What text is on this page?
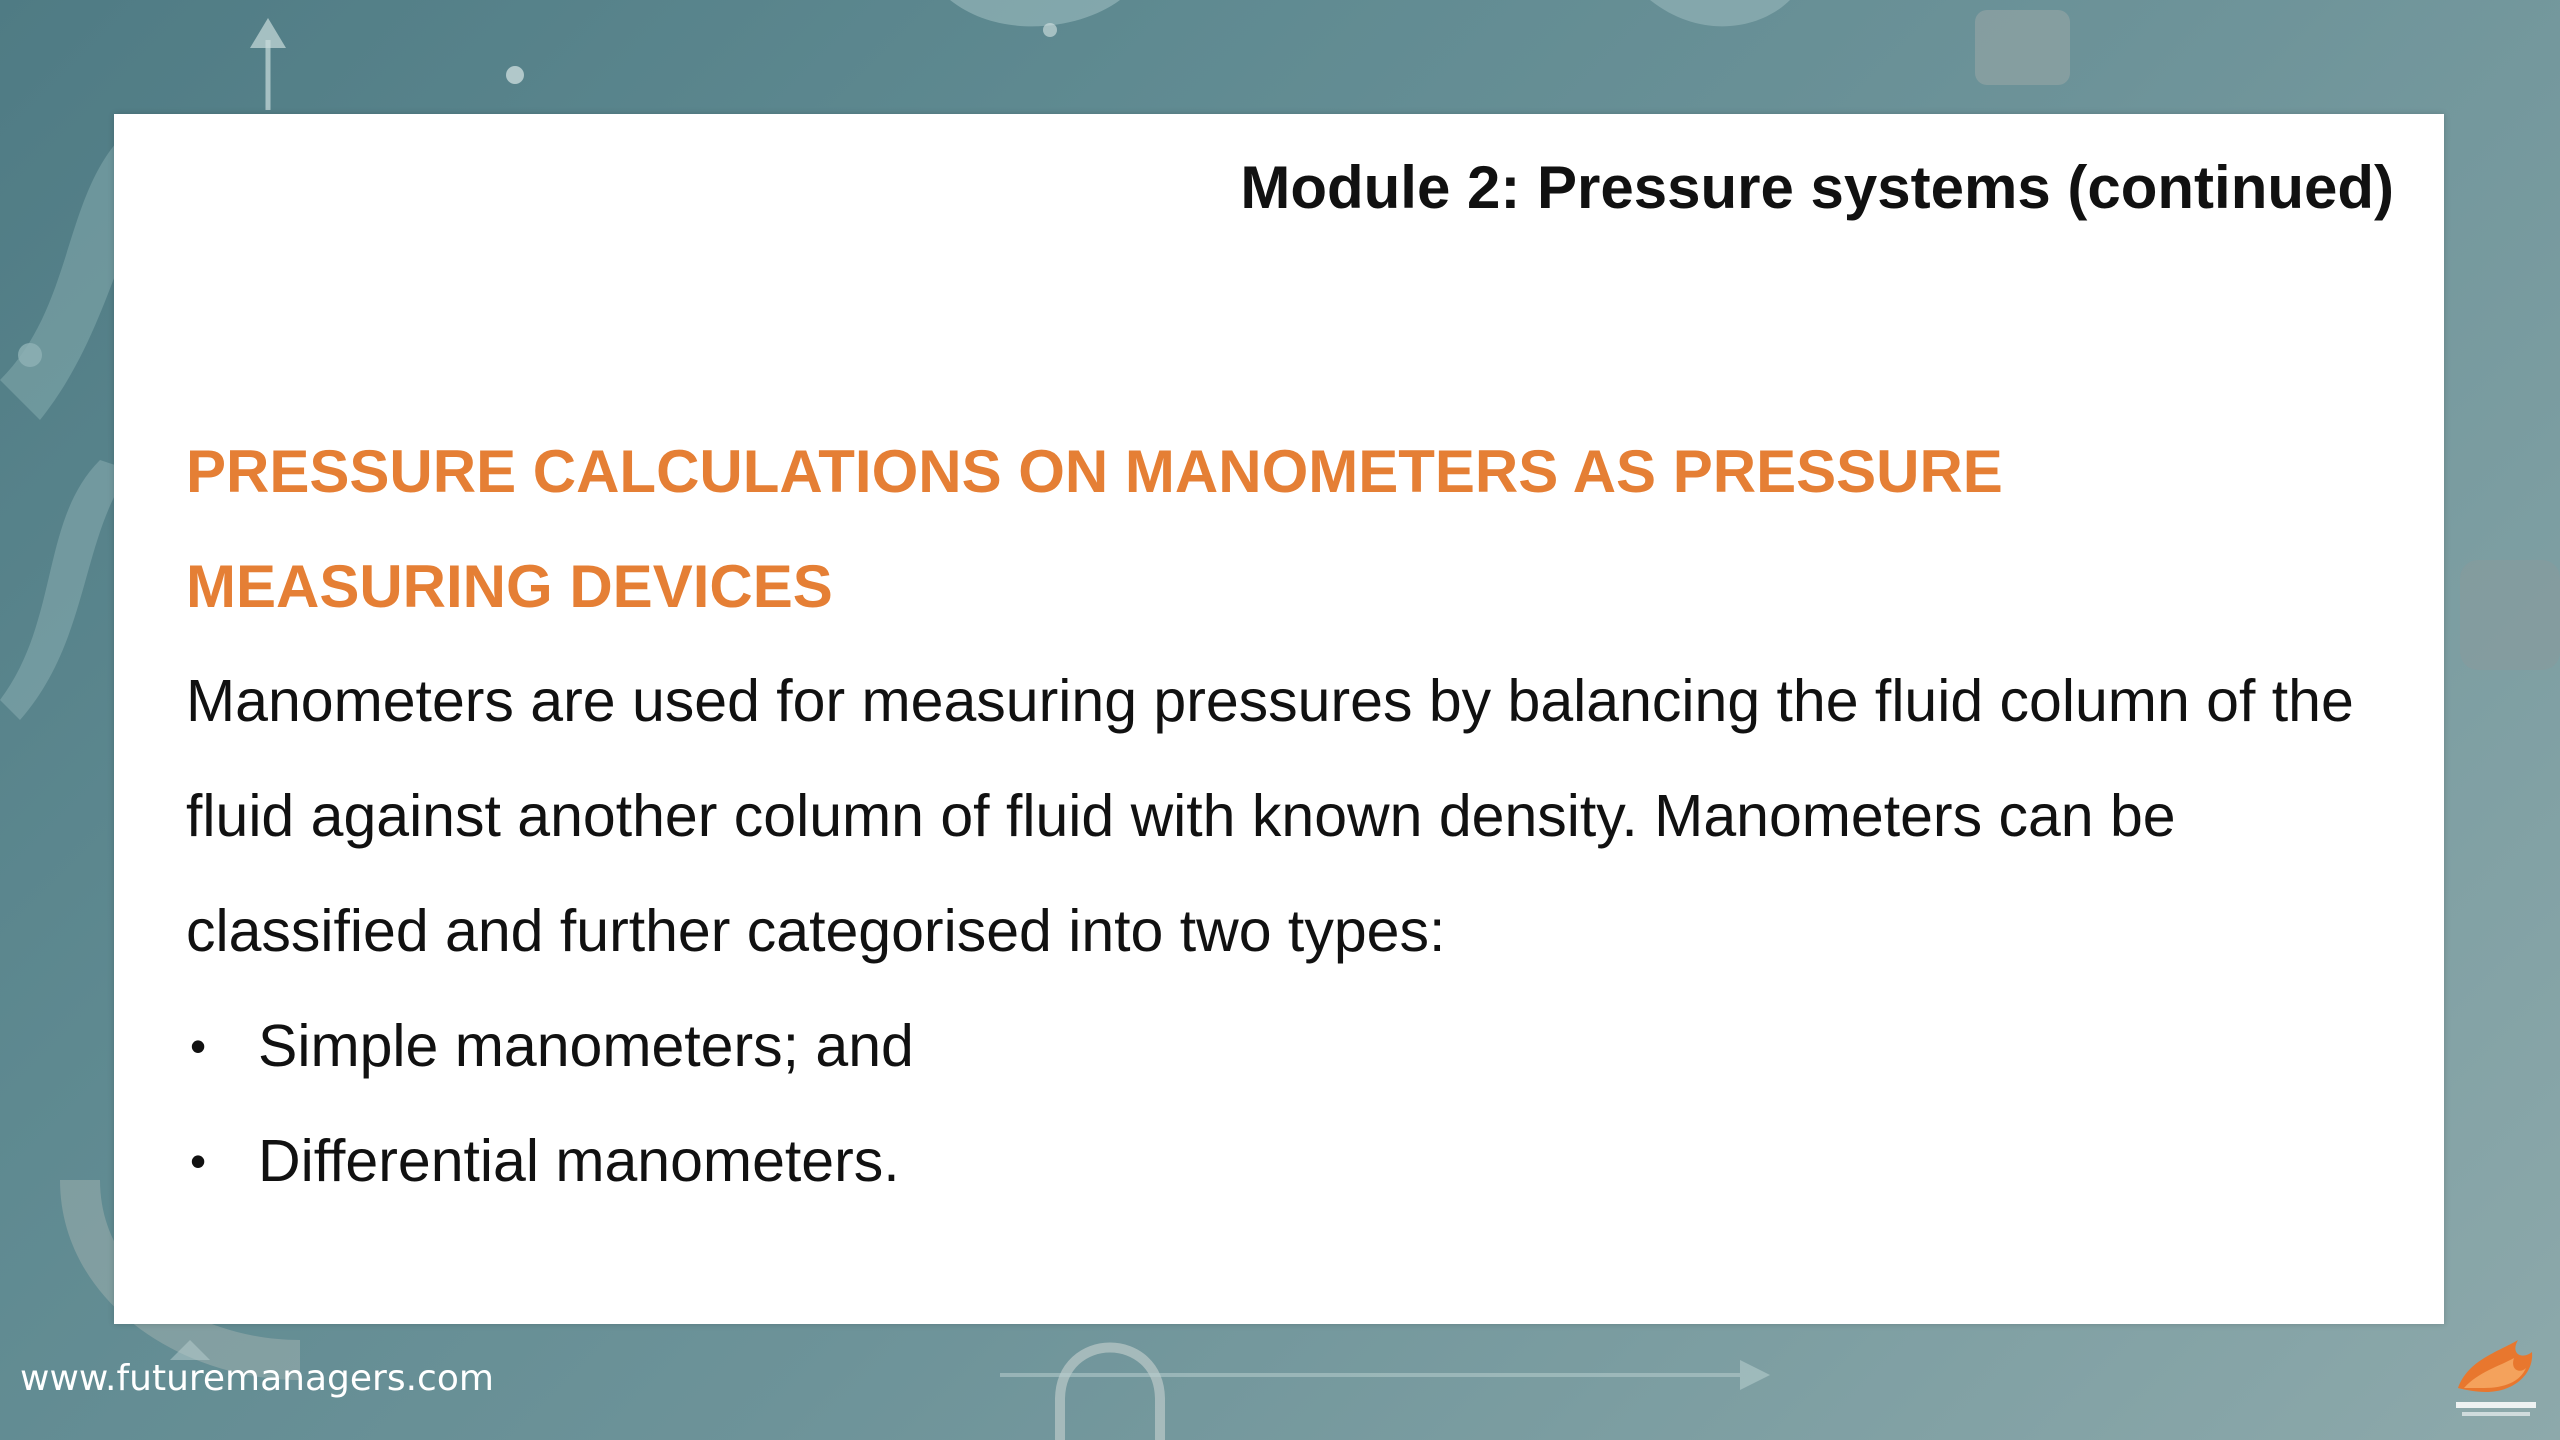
Module 2: Pressure systems (continued)
PRESSURE CALCULATIONS ON MANOMETERS AS PRESSURE MEASURING DEVICES

Manometers are used for measuring pressures by balancing the fluid column of the fluid against another column of fluid with known density. Manometers can be classified and further categorised into two types:

• Simple manometers; and
• Differential manometers.
www.futuremanagers.com
